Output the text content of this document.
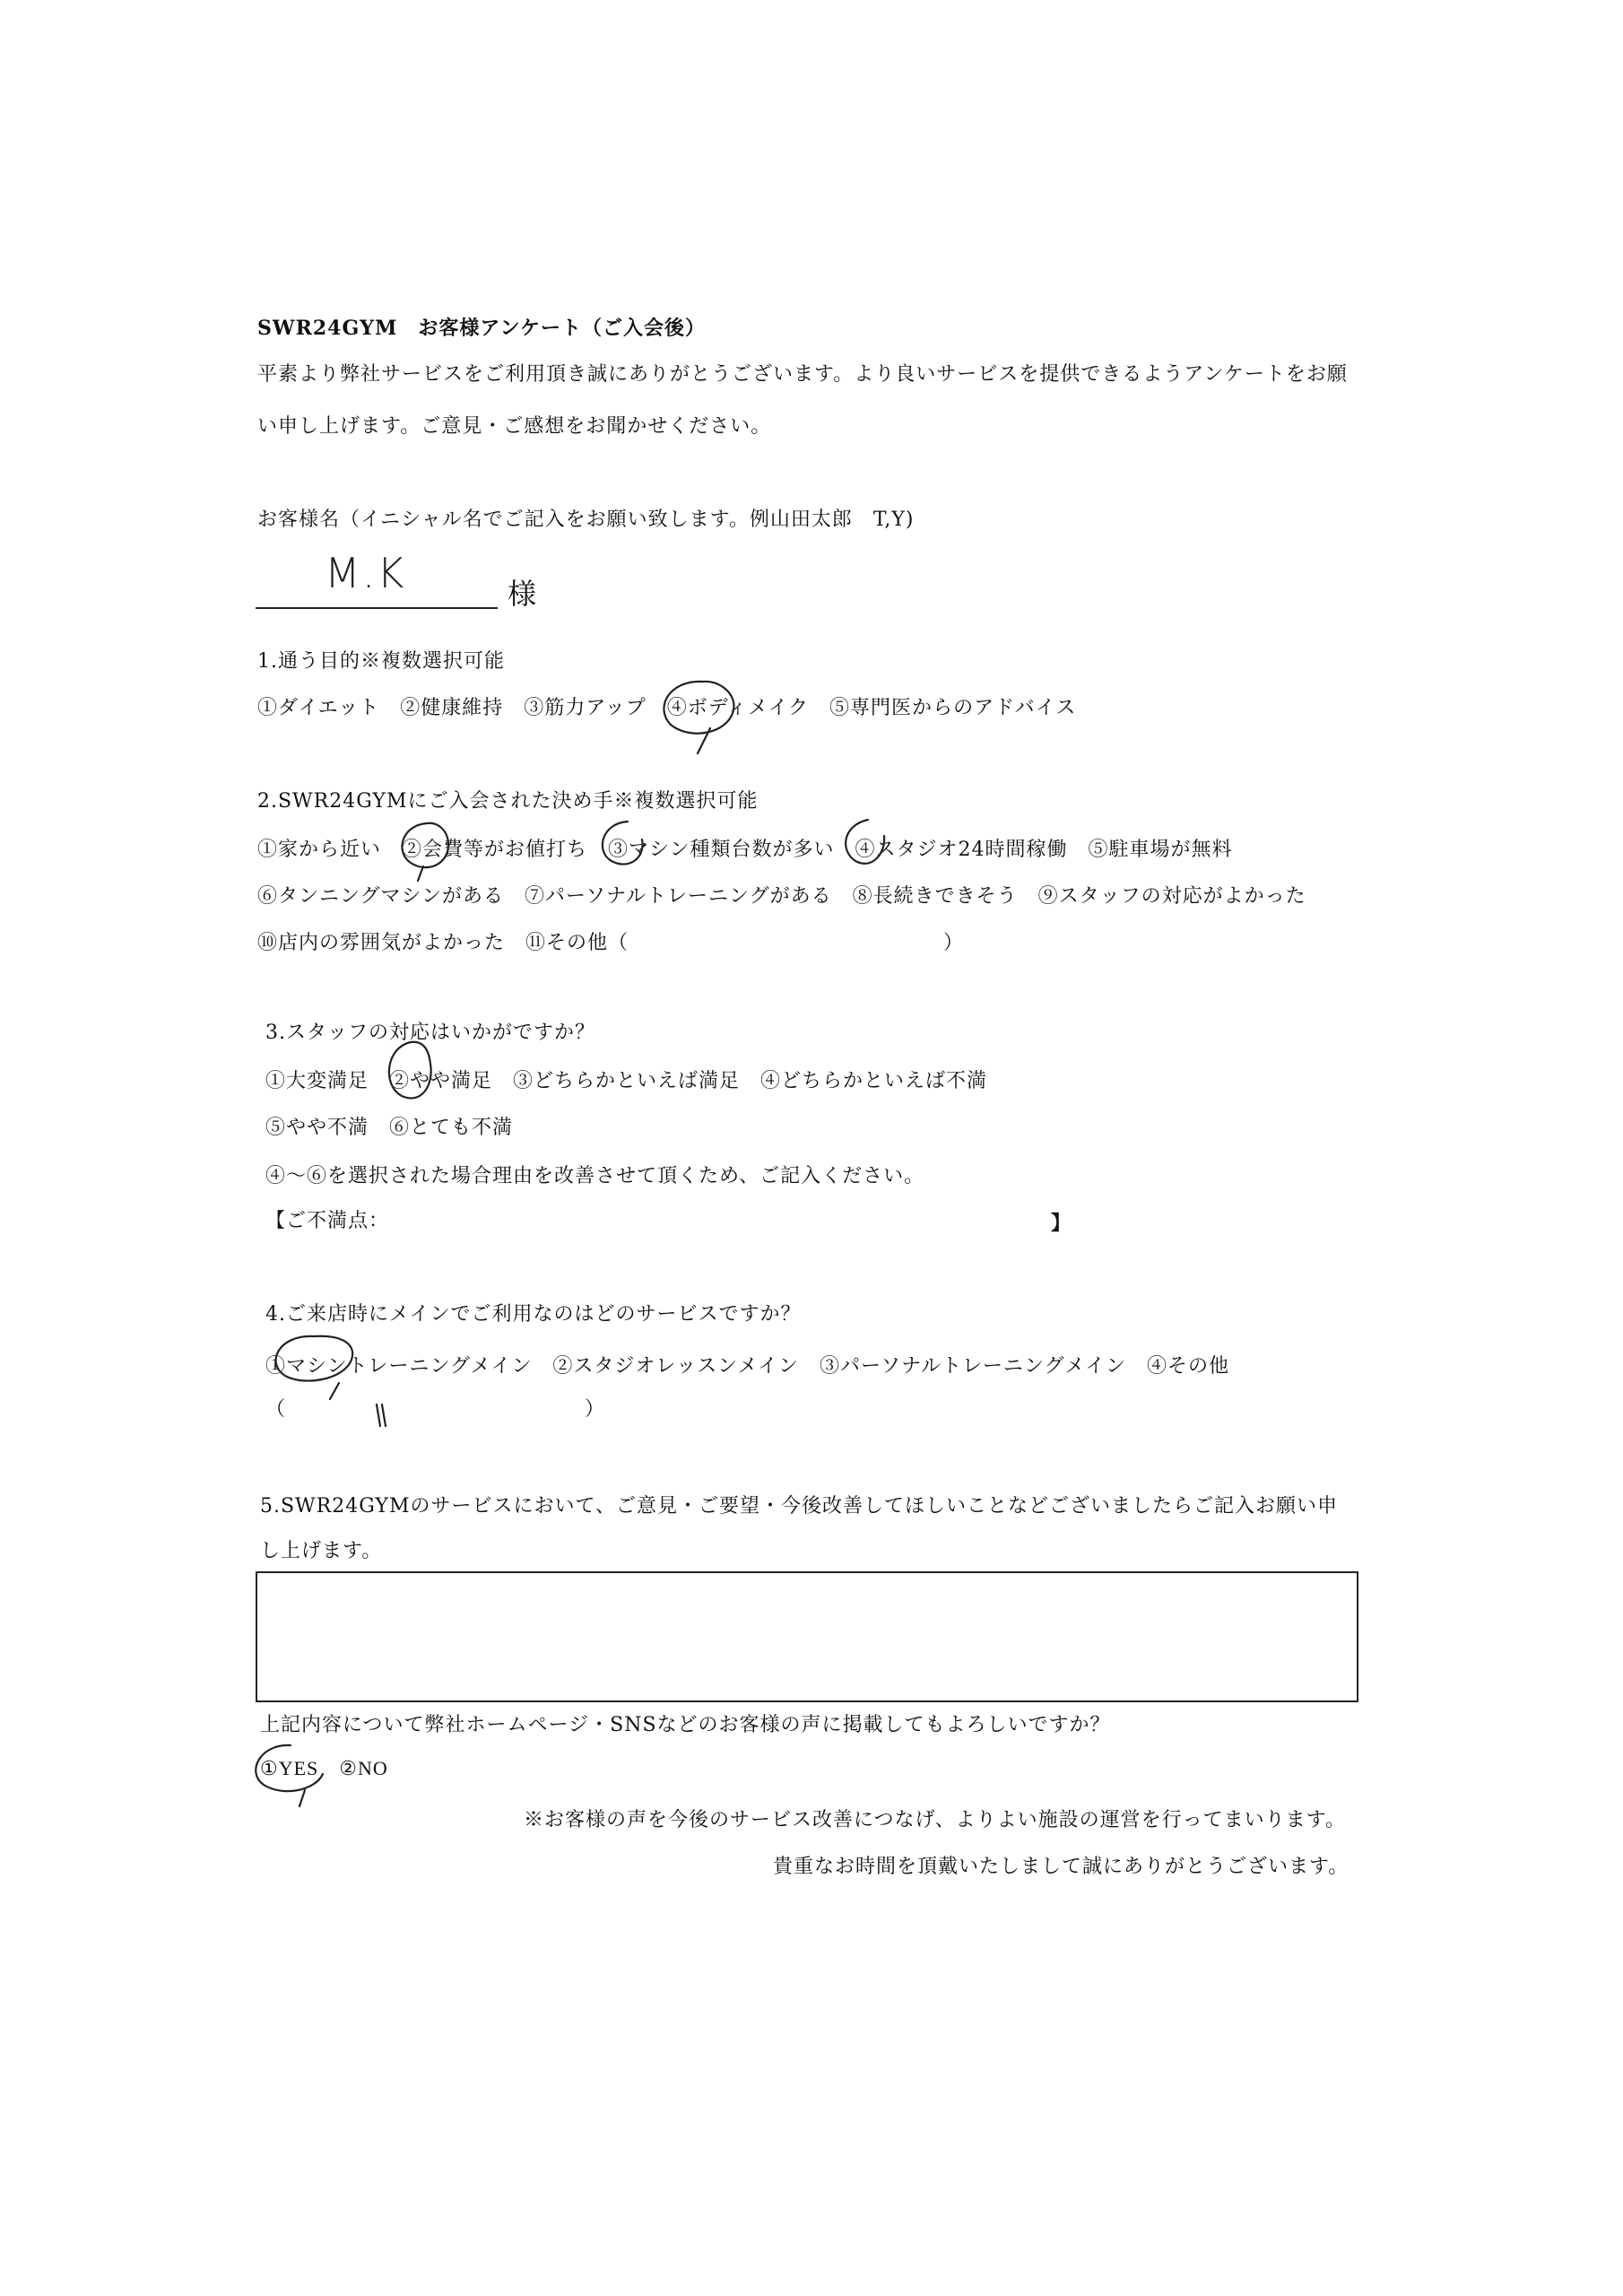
SWR24GYM　お客様アンケート（ご入会後）
平素より弊社サービスをご利用頂き誠にありがとうございます。より良いサービスを提供できるようアンケートをお願
い申し上げます。ご意見・ご感想をお聞かせください。
お客様名（イニシャル名でご記入をお願い致します。例山田太郎　T,Y)
M.K	様
1.通う目的※複数選択可能
①ダイエット　②健康維持　③筋力アップ　④ボディメイク　⑤専門医からのアドバイス
2.SWR24GYMにご入会された決め手※複数選択可能
①家から近い　②会費等がお値打ち　③マシン種類台数が多い　④スタジオ24時間稼働　⑤駐車場が無料
⑥タンニングマシンがある　⑦パーソナルトレーニングがある　⑧長続きできそう　⑨スタッフの対応がよかった
⑩店内の雰囲気がよかった　⑪その他（	）
3.スタッフの対応はいかがですか？
①大変満足　②やや満足　③どちらかといえば満足　④どちらかといえば不満
⑤やや不満　⑥とても不満
④～⑥を選択された場合理由を改善させて頂くため、ご記入ください。
【ご不満点：	】
4.ご来店時にメインでご利用なのはどのサービスですか？
①マシントレーニングメイン　②スタジオレッスンメイン　③パーソナルトレーニングメイン　④その他
（	）
5.SWR24GYMのサービスにおいて、ご意見・ご要望・今後改善してほしいことなどございましたらご記入お願い申
し上げます。
上記内容について弊社ホームページ・SNSなどのお客様の声に掲載してもよろしいですか？
①YES　②NO
※お客様の声を今後のサービス改善につなげ、よりよい施設の運営を行ってまいります。
貴重なお時間を頂戴いたしまして誠にありがとうございます。
